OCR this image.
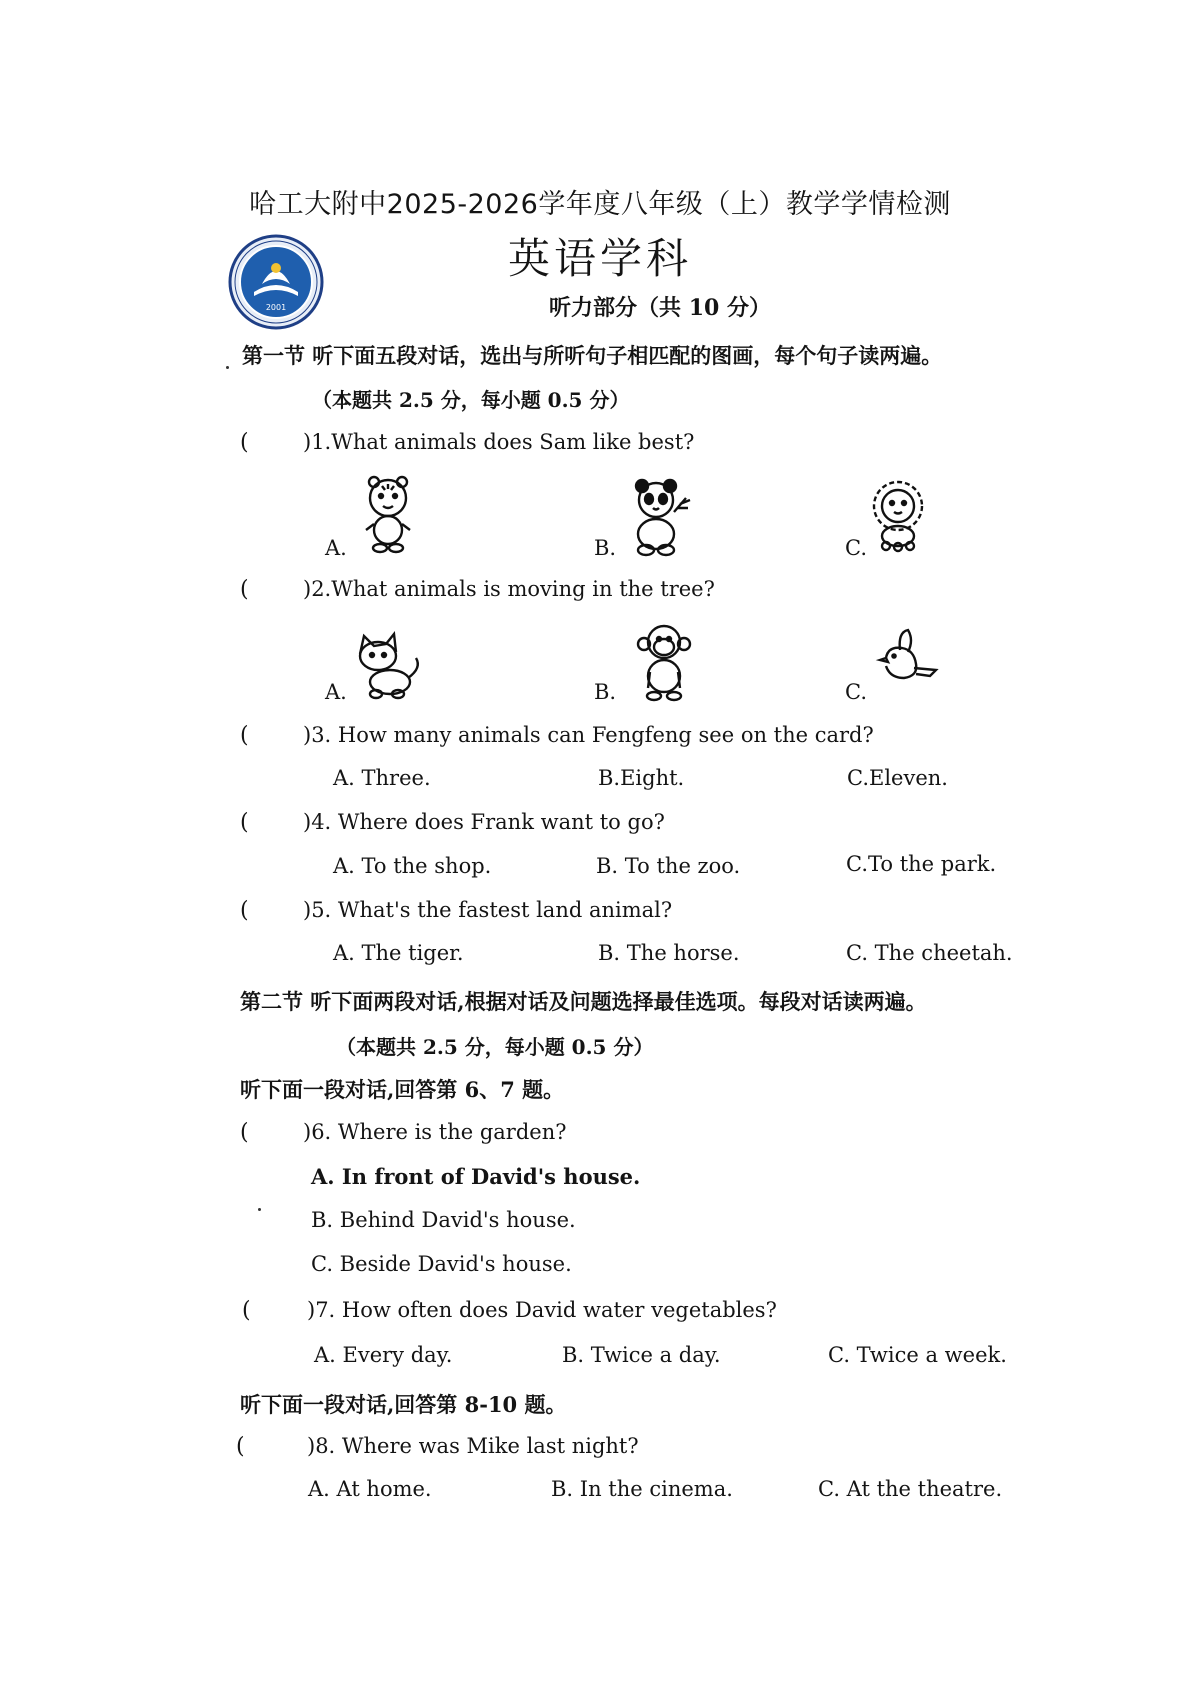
哈工大附中2025-2026学年度八年级（上）教学学情检测
英语学科
2001	听力部分（共 10 分）
第一节 听下面五段对话，选出与所听句子相匹配的图画，每个句子读两遍。
（本题共 2.5 分，每小题 0.5 分）
(	)1.What animals does Sam like best?
A.	B.	C.
(	)2.What animals is moving in the tree?
A.	B.	C.
(	)3. How many animals can Fengfeng see on the card?
A. Three.	B.Eight.	C.Eleven.
(	)4. Where does Frank want to go?
A. To the shop.	B. To the zoo.	C.To the park.
(	)5. What's the fastest land animal?
A. The tiger.	B. The horse.	C. The cheetah.
第二节 听下面两段对话,根据对话及问题选择最佳选项。每段对话读两遍。
（本题共 2.5 分，每小题 0.5 分）
听下面一段对话,回答第 6、7 题。
(	)6. Where is the garden?
A. In front of David's house.
B. Behind David's house.
C. Beside David's house.
(	)7. How often does David water vegetables?
A. Every day.	B. Twice a day.	C. Twice a week.
听下面一段对话,回答第 8-10 题。
(	)8. Where was Mike last night?
A. At home.	B. In the cinema.	C. At the theatre.
